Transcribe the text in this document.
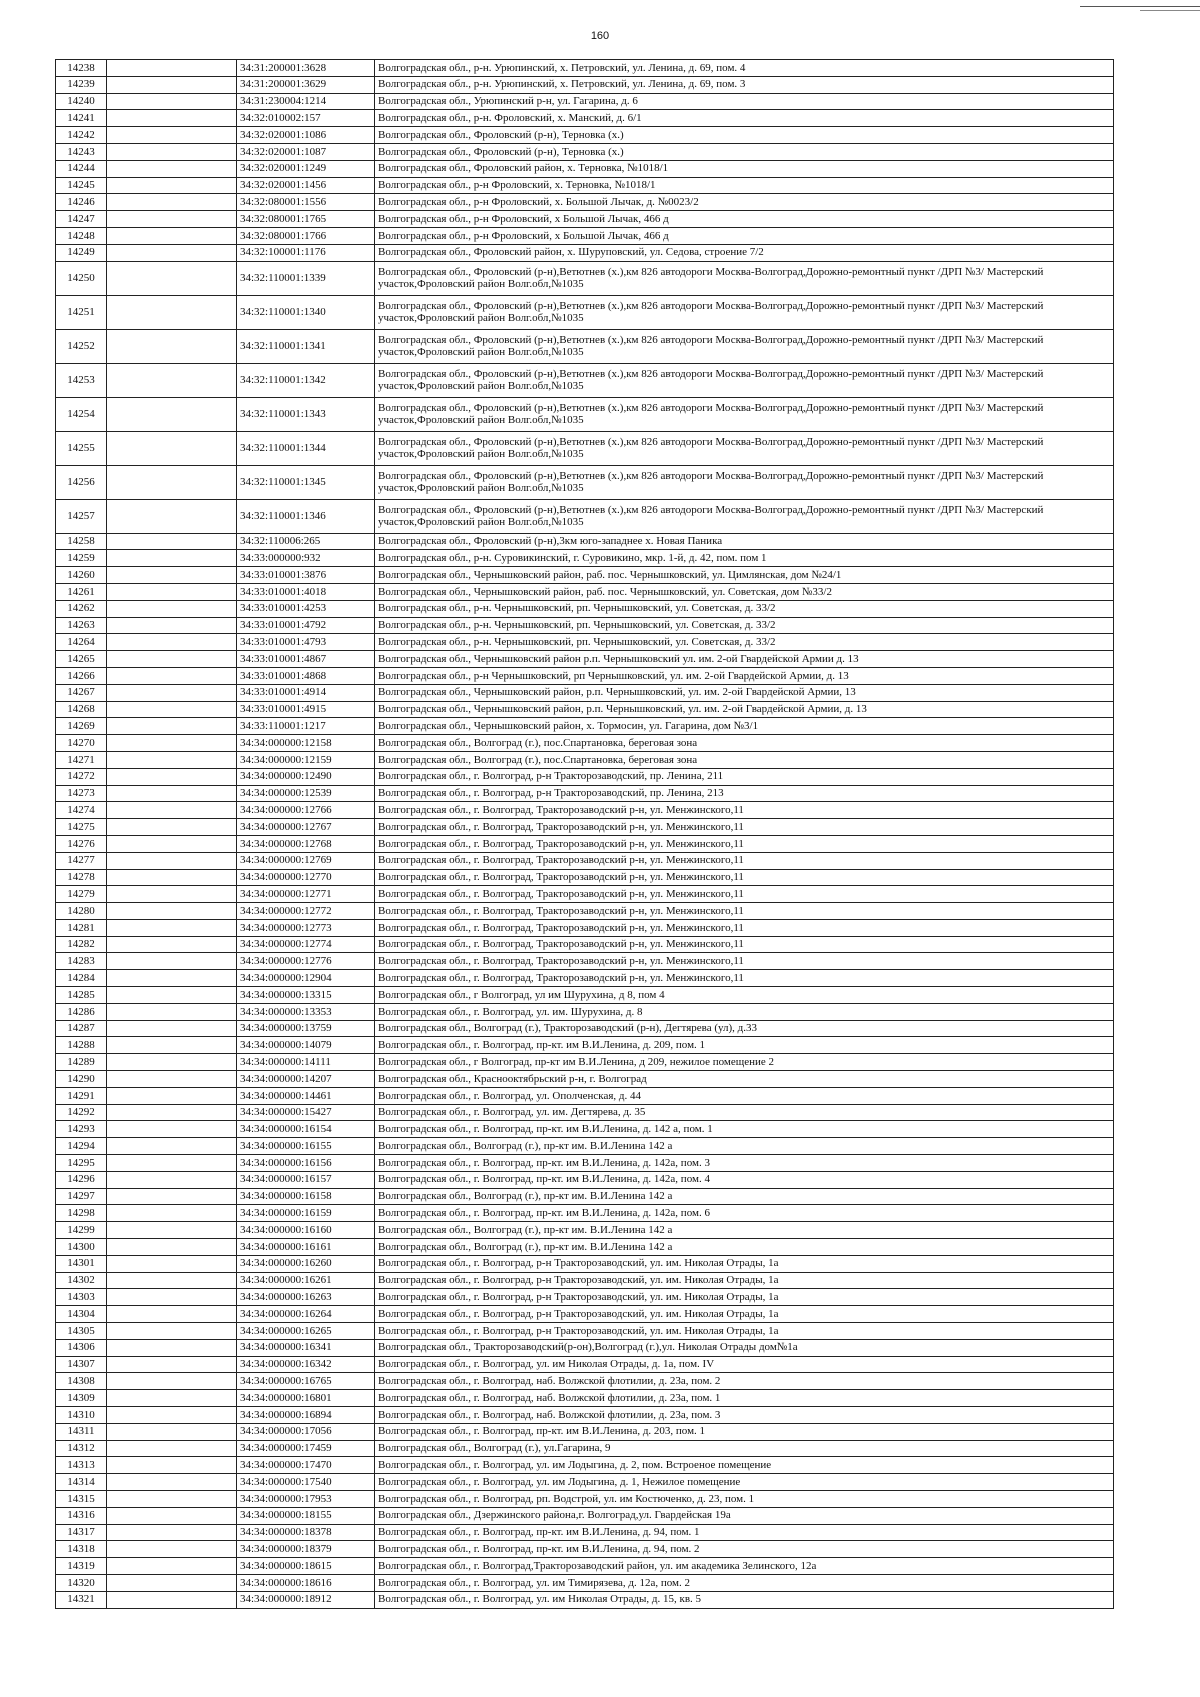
160
14238		34:31:200001:3628	Волгоградская обл., р-н. Урюпинский, х. Петровский, ул. Ленина, д. 69, пом. 4
14239		34:31:200001:3629	Волгоградская обл., р-н. Урюпинский, х. Петровский, ул. Ленина, д. 69, пом. 3
14240		34:31:230004:1214	Волгоградская обл., Урюпинский р-н, ул. Гагарина, д. 6
14241		34:32:010002:157	Волгоградская обл., р-н. Фроловский, х. Манский, д. 6/1
14242		34:32:020001:1086	Волгоградская обл., Фроловский (р-н), Терновка (х.)
14243		34:32:020001:1087	Волгоградская обл., Фроловский (р-н), Терновка (х.)
14244		34:32:020001:1249	Волгоградская обл., Фроловский район, х. Терновка, №1018/1
14245		34:32:020001:1456	Волгоградская обл., р-н Фроловский, х. Терновка, №1018/1
14246		34:32:080001:1556	Волгоградская обл., р-н Фроловский, х. Большой Лычак, д. №0023/2
14247		34:32:080001:1765	Волгоградская обл., р-н Фроловский, х Большой Лычак, 466 д
14248		34:32:080001:1766	Волгоградская обл., р-н Фроловский, х Большой Лычак, 466 д
14249		34:32:100001:1176	Волгоградская обл., Фроловский район, х. Шуруповский, ул. Седова, строение 7/2
14250		34:32:110001:1339	Волгоградская обл., Фроловский (р-н),Ветютнев (х.),км 826 автодороги Москва-Волгоград,Дорожно-ремонтный пункт /ДРП №3/ Мастерский участок,Фроловский район Волг.обл,№1035
14251		34:32:110001:1340	Волгоградская обл., Фроловский (р-н),Ветютнев (х.),км 826 автодороги Москва-Волгоград,Дорожно-ремонтный пункт /ДРП №3/ Мастерский участок,Фроловский район Волг.обл,№1035
14252		34:32:110001:1341	Волгоградская обл., Фроловский (р-н),Ветютнев (х.),км 826 автодороги Москва-Волгоград,Дорожно-ремонтный пункт /ДРП №3/ Мастерский участок,Фроловский район Волг.обл,№1035
14253		34:32:110001:1342	Волгоградская обл., Фроловский (р-н),Ветютнев (х.),км 826 автодороги Москва-Волгоград,Дорожно-ремонтный пункт /ДРП №3/ Мастерский участок,Фроловский район Волг.обл,№1035
14254		34:32:110001:1343	Волгоградская обл., Фроловский (р-н),Ветютнев (х.),км 826 автодороги Москва-Волгоград,Дорожно-ремонтный пункт /ДРП №3/ Мастерский участок,Фроловский район Волг.обл,№1035
14255		34:32:110001:1344	Волгоградская обл., Фроловский (р-н),Ветютнев (х.),км 826 автодороги Москва-Волгоград,Дорожно-ремонтный пункт /ДРП №3/ Мастерский участок,Фроловский район Волг.обл,№1035
14256		34:32:110001:1345	Волгоградская обл., Фроловский (р-н),Ветютнев (х.),км 826 автодороги Москва-Волгоград,Дорожно-ремонтный пункт /ДРП №3/ Мастерский участок,Фроловский район Волг.обл,№1035
14257		34:32:110001:1346	Волгоградская обл., Фроловский (р-н),Ветютнев (х.),км 826 автодороги Москва-Волгоград,Дорожно-ремонтный пункт /ДРП №3/ Мастерский участок,Фроловский район Волг.обл,№1035
14258		34:32:110006:265	Волгоградская обл., Фроловский (р-н),3км юго-западнее х. Новая Паника
14259		34:33:000000:932	Волгоградская обл., р-н. Суровикинский, г. Суровикино, мкр. 1-й, д. 42, пом. пом 1
14260		34:33:010001:3876	Волгоградская обл., Чернышковский район, раб. пос. Чернышковский, ул. Цимлянская, дом №24/1
14261		34:33:010001:4018	Волгоградская обл., Чернышковский район, раб. пос. Чернышковский, ул. Советская, дом №33/2
14262		34:33:010001:4253	Волгоградская обл., р-н. Чернышковский, рп. Чернышковский, ул. Советская, д. 33/2
14263		34:33:010001:4792	Волгоградская обл., р-н. Чернышковский, рп. Чернышковский, ул. Советская, д. 33/2
14264		34:33:010001:4793	Волгоградская обл., р-н. Чернышковский, рп. Чернышковский, ул. Советская, д. 33/2
14265		34:33:010001:4867	Волгоградская обл., Чернышковский район р.п. Чернышковский ул. им. 2-ой Гвардейской Армии д. 13
14266		34:33:010001:4868	Волгоградская обл., р-н Чернышковский, рп Чернышковский, ул. им. 2-ой Гвардейской Армии, д. 13
14267		34:33:010001:4914	Волгоградская обл., Чернышковский район, р.п. Чернышковский, ул. им. 2-ой Гвардейской Армии, 13
14268		34:33:010001:4915	Волгоградская обл., Чернышковский район, р.п. Чернышковский, ул. им. 2-ой Гвардейской Армии, д. 13
14269		34:33:110001:1217	Волгоградская обл., Чернышковский район, х. Тормосин, ул. Гагарина, дом №3/1
14270		34:34:000000:12158	Волгоградская обл., Волгоград (г.), пос.Спартановка, береговая зона
14271		34:34:000000:12159	Волгоградская обл., Волгоград (г.), пос.Спартановка, береговая зона
14272		34:34:000000:12490	Волгоградская обл., г. Волгоград, р-н Тракторозаводский, пр. Ленина, 211
14273		34:34:000000:12539	Волгоградская обл., г. Волгоград, р-н Тракторозаводский, пр. Ленина, 213
14274		34:34:000000:12766	Волгоградская обл., г. Волгоград, Тракторозаводский р-н, ул. Менжинского,11
14275		34:34:000000:12767	Волгоградская обл., г. Волгоград, Тракторозаводский р-н, ул. Менжинского,11
14276		34:34:000000:12768	Волгоградская обл., г. Волгоград, Тракторозаводский р-н, ул. Менжинского,11
14277		34:34:000000:12769	Волгоградская обл., г. Волгоград, Тракторозаводский р-н, ул. Менжинского,11
14278		34:34:000000:12770	Волгоградская обл., г. Волгоград, Тракторозаводский р-н, ул. Менжинского,11
14279		34:34:000000:12771	Волгоградская обл., г. Волгоград, Тракторозаводский р-н, ул. Менжинского,11
14280		34:34:000000:12772	Волгоградская обл., г. Волгоград, Тракторозаводский р-н, ул. Менжинского,11
14281		34:34:000000:12773	Волгоградская обл., г. Волгоград, Тракторозаводский р-н, ул. Менжинского,11
14282		34:34:000000:12774	Волгоградская обл., г. Волгоград, Тракторозаводский р-н, ул. Менжинского,11
14283		34:34:000000:12776	Волгоградская обл., г. Волгоград, Тракторозаводский р-н, ул. Менжинского,11
14284		34:34:000000:12904	Волгоградская обл., г. Волгоград, Тракторозаводский р-н, ул. Менжинского,11
14285		34:34:000000:13315	Волгоградская обл., г Волгоград, ул им Шурухина, д 8, пом 4
14286		34:34:000000:13353	Волгоградская обл., г. Волгоград, ул. им. Шурухина, д. 8
14287		34:34:000000:13759	Волгоградская обл., Волгоград (г.), Тракторозаводский (р-н), Дегтярева (ул), д.33
14288		34:34:000000:14079	Волгоградская обл., г. Волгоград, пр-кт. им В.И.Ленина, д. 209, пом. 1
14289		34:34:000000:14111	Волгоградская обл., г Волгоград, пр-кт им В.И.Ленина, д 209, нежилое помещение 2
14290		34:34:000000:14207	Волгоградская обл., Краснооктябрьский р-н, г. Волгоград
14291		34:34:000000:14461	Волгоградская обл., г. Волгоград, ул. Ополченская, д. 44
14292		34:34:000000:15427	Волгоградская обл., г. Волгоград, ул. им. Дегтярева, д. 35
14293		34:34:000000:16154	Волгоградская обл., г. Волгоград, пр-кт. им В.И.Ленина, д. 142 а, пом. 1
14294		34:34:000000:16155	Волгоградская обл., Волгоград (г.), пр-кт им. В.И.Ленина 142 а
14295		34:34:000000:16156	Волгоградская обл., г. Волгоград, пр-кт. им В.И.Ленина, д. 142а, пом. 3
14296		34:34:000000:16157	Волгоградская обл., г. Волгоград, пр-кт. им В.И.Ленина, д. 142а, пом. 4
14297		34:34:000000:16158	Волгоградская обл., Волгоград (г.), пр-кт им. В.И.Ленина 142 а
14298		34:34:000000:16159	Волгоградская обл., г. Волгоград, пр-кт. им В.И.Ленина, д. 142а, пом. 6
14299		34:34:000000:16160	Волгоградская обл., Волгоград (г.), пр-кт им. В.И.Ленина 142 а
14300		34:34:000000:16161	Волгоградская обл., Волгоград (г.), пр-кт им. В.И.Ленина 142 а
14301		34:34:000000:16260	Волгоградская обл., г. Волгоград, р-н Тракторозаводский, ул. им. Николая Отрады, 1а
14302		34:34:000000:16261	Волгоградская обл., г. Волгоград, р-н Тракторозаводский, ул. им. Николая Отрады, 1а
14303		34:34:000000:16263	Волгоградская обл., г. Волгоград, р-н Тракторозаводский, ул. им. Николая Отрады, 1а
14304		34:34:000000:16264	Волгоградская обл., г. Волгоград, р-н Тракторозаводский, ул. им. Николая Отрады, 1а
14305		34:34:000000:16265	Волгоградская обл., г. Волгоград, р-н Тракторозаводский, ул. им. Николая Отрады, 1а
14306		34:34:000000:16341	Волгоградская обл., Тракторозаводский(р-он),Волгоград (г.),ул. Николая Отрады дом№1а
14307		34:34:000000:16342	Волгоградская обл., г. Волгоград, ул. им Николая Отрады, д. 1а, пом. IV
14308		34:34:000000:16765	Волгоградская обл., г. Волгоград, наб. Волжской флотилии, д. 23а, пом. 2
14309		34:34:000000:16801	Волгоградская обл., г. Волгоград, наб. Волжской флотилии, д. 23а, пом. 1
14310		34:34:000000:16894	Волгоградская обл., г. Волгоград, наб. Волжской флотилии, д. 23а, пом. 3
14311		34:34:000000:17056	Волгоградская обл., г. Волгоград, пр-кт. им В.И.Ленина, д. 203, пом. 1
14312		34:34:000000:17459	Волгоградская обл., Волгоград (г.), ул.Гагарина, 9
14313		34:34:000000:17470	Волгоградская обл., г. Волгоград, ул. им Лодыгина, д. 2, пом. Встроеное помещение
14314		34:34:000000:17540	Волгоградская обл., г. Волгоград, ул. им Лодыгина, д. 1, Нежилое помещение
14315		34:34:000000:17953	Волгоградская обл., г. Волгоград, рп. Водстрой, ул. им Костюченко, д. 23, пом. 1
14316		34:34:000000:18155	Волгоградская обл., Дзержинского района,г. Волгоград,ул. Гвардейская 19а
14317		34:34:000000:18378	Волгоградская обл., г. Волгоград, пр-кт. им В.И.Ленина, д. 94, пом. 1
14318		34:34:000000:18379	Волгоградская обл., г. Волгоград, пр-кт. им В.И.Ленина, д. 94, пом. 2
14319		34:34:000000:18615	Волгоградская обл., г. Волгоград,Тракторозаводский район, ул. им академика Зелинского, 12а
14320		34:34:000000:18616	Волгоградская обл., г. Волгоград, ул. им Тимирязева, д. 12а, пом. 2
14321		34:34:000000:18912	Волгоградская обл., г. Волгоград, ул. им Николая Отрады, д. 15, кв. 5
